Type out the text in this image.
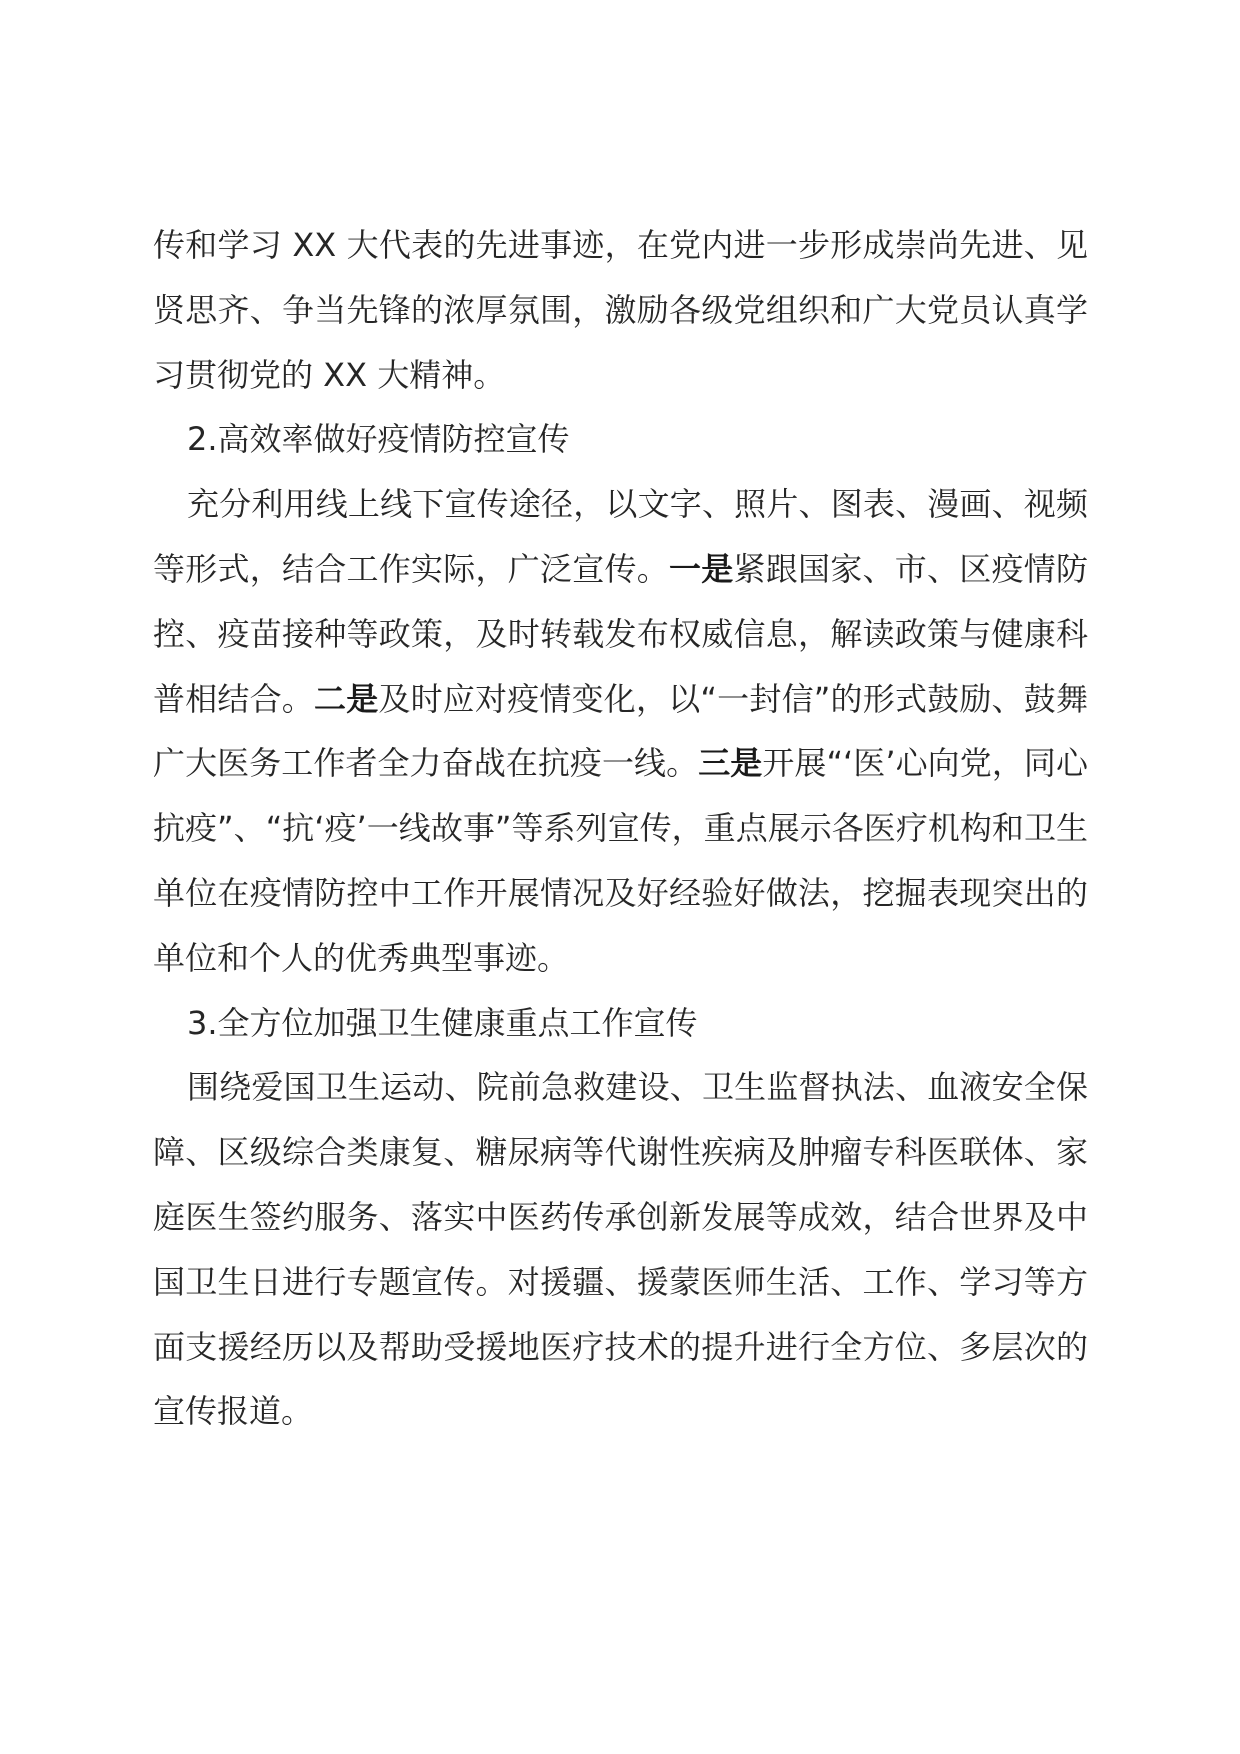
传和学习 XX 大代表的先进事迹，在党内进一步形成崇尚先进、见贤思齐、争当先锋的浓厚氛围，激励各级党组织和广大党员认真学习贯彻党的 XX 大精神。

2.高效率做好疫情防控宣传

充分利用线上线下宣传途径，以文字、照片、图表、漫画、视频等形式，结合工作实际，广泛宣传。一是紧跟国家、市、区疫情防控、疫苗接种等政策，及时转载发布权威信息，解读政策与健康科普相结合。二是及时应对疫情变化，以“一封信”的形式鼓励、鼓舞广大医务工作者全力奋战在抗疫一线。三是开展“‘医’心向党，同心抗疫”、“抗‘疫’一线故事”等系列宣传，重点展示各医疗机构和卫生单位在疫情防控中工作开展情况及好经验好做法，挖掘表现突出的单位和个人的优秀典型事迹。

3.全方位加强卫生健康重点工作宣传

围绕爱国卫生运动、院前急救建设、卫生监督执法、血液安全保障、区级综合类康复、糖尿病等代谢性疾病及肿瘤专科医联体、家庭医生签约服务、落实中医药传承创新发展等成效，结合世界及中国卫生日进行专题宣传。对援疆、援蒙医师生活、工作、学习等方面支援经历以及帮助受援地医疗技术的提升进行全方位、多层次的宣传报道。
